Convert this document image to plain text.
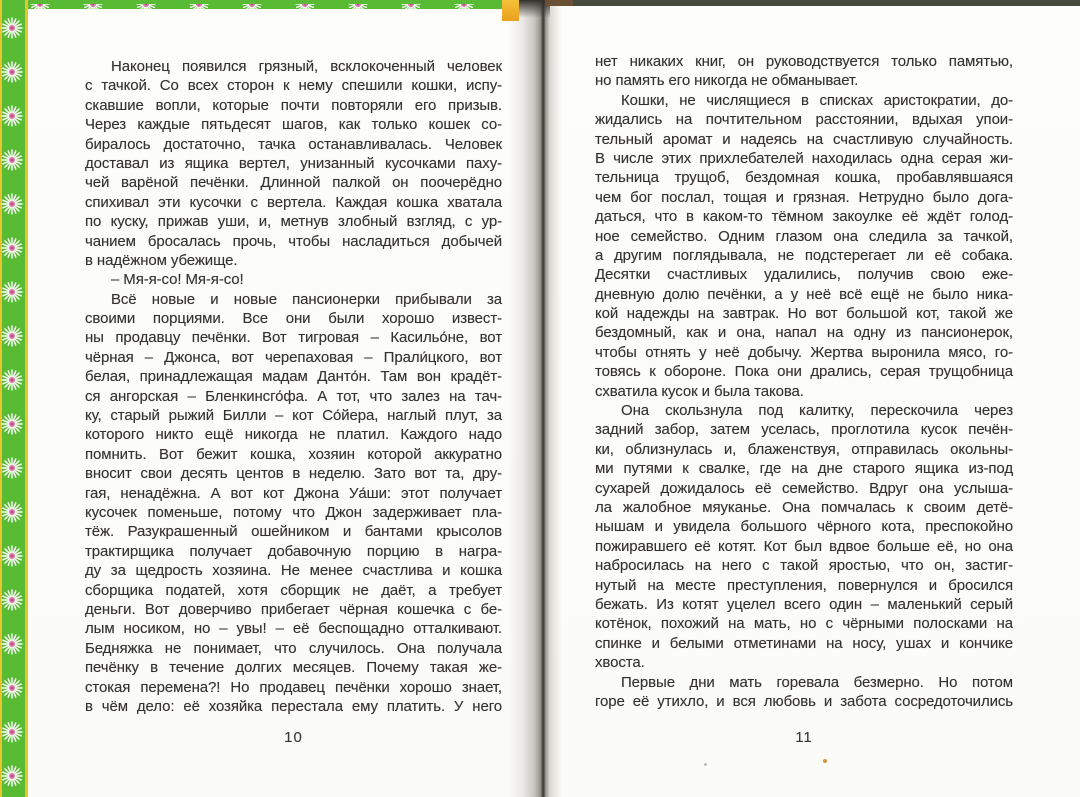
Наконец появился грязный, всклокоченный человек
с тачкой. Со всех сторон к нему спешили кошки, испу-
скавшие вопли, которые почти повторяли его призыв.
Через каждые пятьдесят шагов, как только кошек со-
биралось достаточно, тачка останавливалась. Человек
доставал из ящика вертел, унизанный кусочками паху-
чей варёной печёнки. Длинной палкой он поочерёдно
спихивал эти кусочки с вертела. Каждая кошка хватала
по куску, прижав уши, и, метнув злобный взгляд, с ур-
чанием бросалась прочь, чтобы насладиться добычей
в надёжном убежище.
– Мя-я-со! Мя-я-со!
Всё новые и новые пансионерки прибывали за
своими порциями. Все они были хорошо извест-
ны продавцу печёнки. Вот тигровая – Касильо́не, вот
чёрная – Джонса, вот черепаховая – Прали́цкого, вот
белая, принадлежащая мадам Данто́н. Там вон крадёт-
ся ангорская – Бленкинсго́фа. А тот, что залез на тач-
ку, старый рыжий Билли – кот Со́йера, наглый плут, за
которого никто ещё никогда не платил. Каждого надо
помнить. Вот бежит кошка, хозяин которой аккуратно
вносит свои десять центов в неделю. Зато вот та, дру-
гая, ненадёжна. А вот кот Джона Уа́ши: этот получает
кусочек поменьше, потому что Джон задерживает пла-
тёж. Разукрашенный ошейником и бантами крысолов
трактирщика получает добавочную порцию в награ-
ду за щедрость хозяина. Не менее счастлива и кошка
сборщика податей, хотя сборщик не даёт, а требует
деньги. Вот доверчиво прибегает чёрная кошечка с бе-
лым носиком, но – увы! – её беспощадно отталкивают.
Бедняжка не понимает, что случилось. Она получала
печёнку в течение долгих месяцев. Почему такая же-
стокая перемена?! Но продавец печёнки хорошо знает,
в чём дело: её хозяйка перестала ему платить. У него
10
нет никаких книг, он руководствуется только памятью,
но память его никогда не обманывает.
Кошки, не числящиеся в списках аристократии, до-
жидались на почтительном расстоянии, вдыхая упои-
тельный аромат и надеясь на счастливую случайность.
В числе этих прихлебателей находилась одна серая жи-
тельница трущоб, бездомная кошка, пробавлявшаяся
чем бог послал, тощая и грязная. Нетрудно было дога-
даться, что в каком-то тёмном закоулке её ждёт голод-
ное семейство. Одним глазом она следила за тачкой,
а другим поглядывала, не подстерегает ли её собака.
Десятки счастливых удалились, получив свою еже-
дневную долю печёнки, а у неё всё ещё не было ника-
кой надежды на завтрак. Но вот большой кот, такой же
бездомный, как и она, напал на одну из пансионерок,
чтобы отнять у неё добычу. Жертва выронила мясо, го-
товясь к обороне. Пока они дрались, серая трущобница
схватила кусок и была такова.
Она скользнула под калитку, перескочила через
задний забор, затем уселась, проглотила кусок печён-
ки, облизнулась и, блаженствуя, отправилась окольны-
ми путями к свалке, где на дне старого ящика из-под
сухарей дожидалось её семейство. Вдруг она услыша-
ла жалобное мяуканье. Она помчалась к своим детё-
нышам и увидела большого чёрного кота, преспокойно
пожиравшего её котят. Кот был вдвое больше её, но она
набросилась на него с такой яростью, что он, застиг-
нутый на месте преступления, повернулся и бросился
бежать. Из котят уцелел всего один – маленький серый
котёнок, похожий на мать, но с чёрными полосками на
спинке и белыми отметинами на носу, ушах и кончике
хвоста.
Первые дни мать горевала безмерно. Но потом
горе её утихло, и вся любовь и забота сосредоточились
11
